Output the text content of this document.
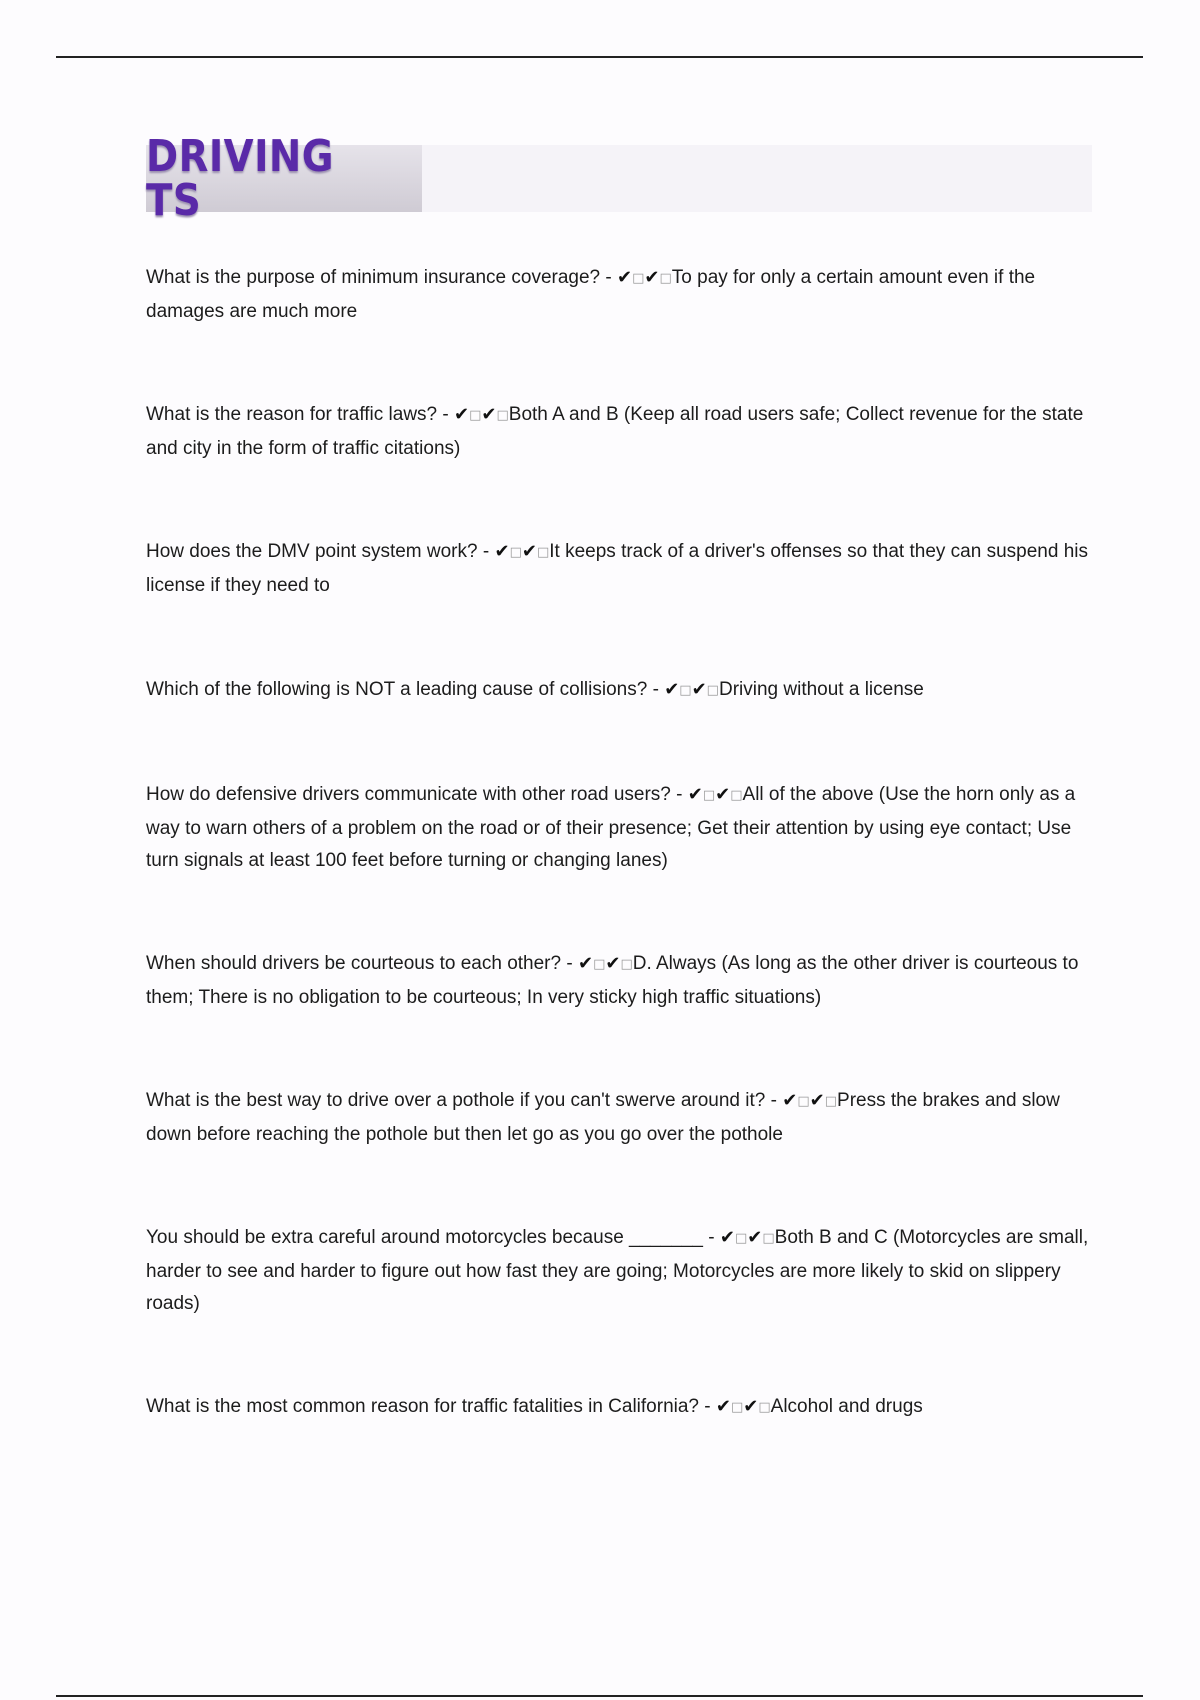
DRIVING TS

What is the purpose of minimum insurance coverage? - ✔□✔□To pay for only a certain amount even if the damages are much more

What is the reason for traffic laws? - ✔□✔□Both A and B (Keep all road users safe; Collect revenue for the state and city in the form of traffic citations)

How does the DMV point system work? - ✔□✔□It keeps track of a driver's offenses so that they can suspend his license if they need to

Which of the following is NOT a leading cause of collisions? - ✔□✔□Driving without a license

How do defensive drivers communicate with other road users? - ✔□✔□All of the above (Use the horn only as a way to warn others of a problem on the road or of their presence; Get their attention by using eye contact; Use turn signals at least 100 feet before turning or changing lanes)

When should drivers be courteous to each other? - ✔□✔□D. Always (As long as the other driver is courteous to them; There is no obligation to be courteous; In very sticky high traffic situations)

What is the best way to drive over a pothole if you can't swerve around it? - ✔□✔□Press the brakes and slow down before reaching the pothole but then let go as you go over the pothole

You should be extra careful around motorcycles because _______ - ✔□✔□Both B and C (Motorcycles are small, harder to see and harder to figure out how fast they are going; Motorcycles are more likely to skid on slippery roads)

What is the most common reason for traffic fatalities in California? - ✔□✔□Alcohol and drugs
